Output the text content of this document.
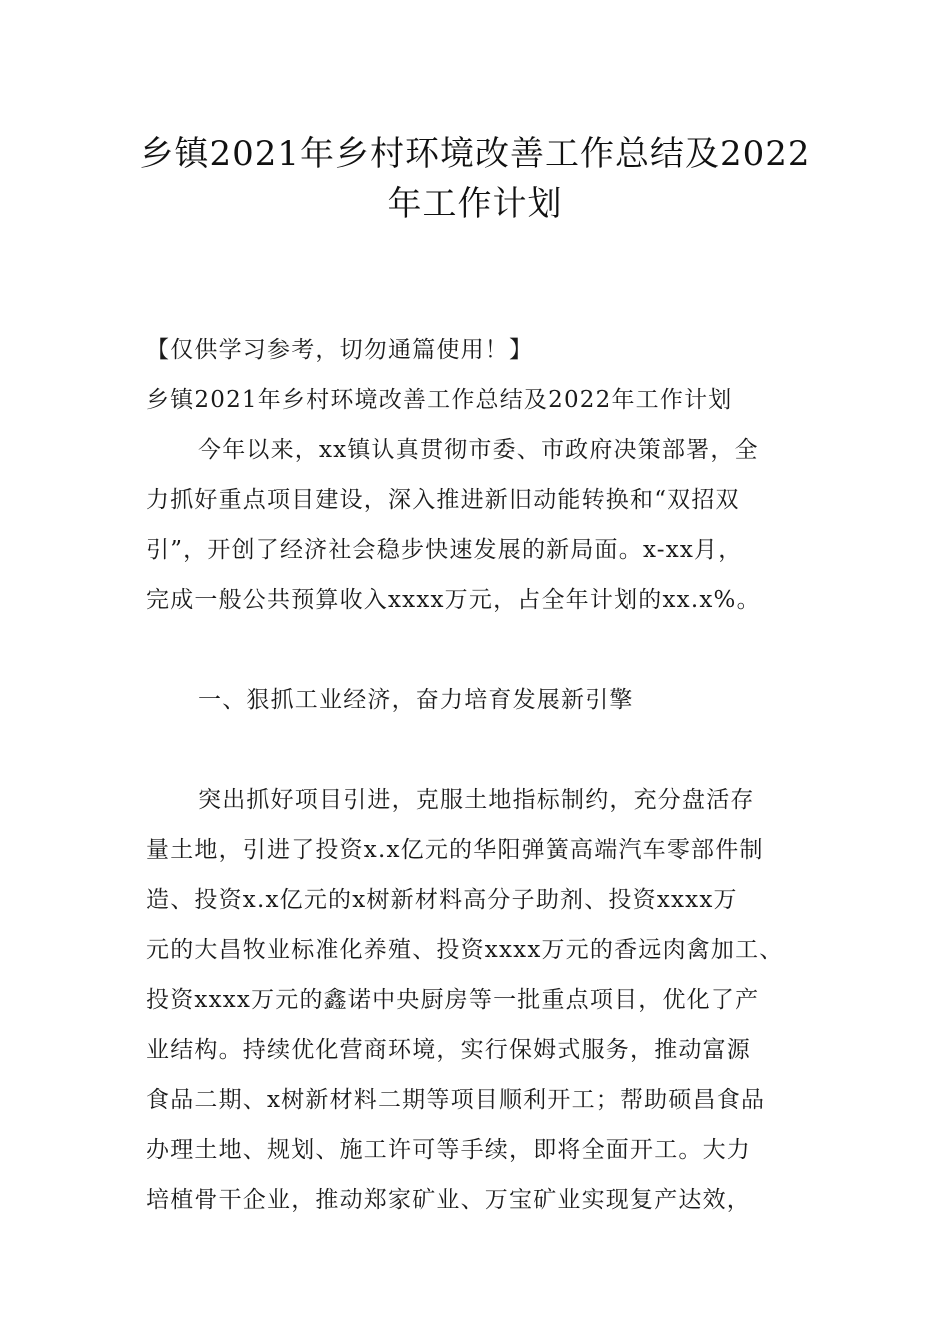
乡镇2021年乡村环境改善工作总结及2022
年工作计划
【仅供学习参考，切勿通篇使用！】
乡镇2021年乡村环境改善工作总结及2022年工作计划
今年以来，xx镇认真贯彻市委、市政府决策部署，全
力抓好重点项目建设，深入推进新旧动能转换和“双招双
引”，开创了经济社会稳步快速发展的新局面。x-xx月，
完成一般公共预算收入xxxx万元，占全年计划的xx.x%。
一、狠抓工业经济，奋力培育发展新引擎
突出抓好项目引进，克服土地指标制约，充分盘活存
量土地，引进了投资x.x亿元的华阳弹簧高端汽车零部件制
造、投资x.x亿元的x树新材料高分子助剂、投资xxxx万
元的大昌牧业标准化养殖、投资xxxx万元的香远肉禽加工、
投资xxxx万元的鑫诺中央厨房等一批重点项目，优化了产
业结构。持续优化营商环境，实行保姆式服务，推动富源
食品二期、x树新材料二期等项目顺利开工；帮助硕昌食品
办理土地、规划、施工许可等手续，即将全面开工。大力
培植骨干企业，推动郑家矿业、万宝矿业实现复产达效，
